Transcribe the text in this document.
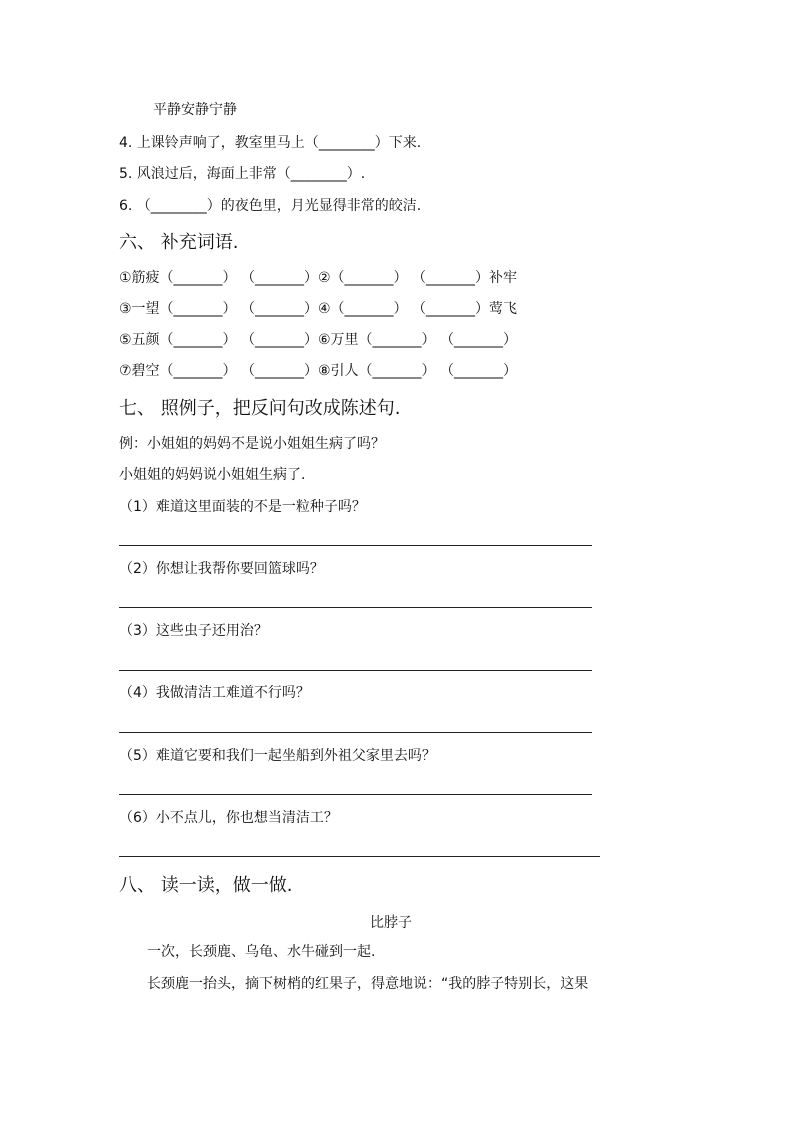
平静安静宁静
4. 上课铃声响了，教室里马上（________）下来.
5. 风浪过后，海面上非常（________）.
6. （________）的夜色里，月光显得非常的皎洁.
六、 补充词语.
①筋疲（_______） （_______）②（_______） （_______）补牢
③一望（_______） （_______）④（_______） （_______）莺飞
⑤五颜（_______） （_______）⑥万里（_______） （_______）
⑦碧空（_______） （_______）⑧引人（_______） （_______）
七、 照例子，把反问句改成陈述句.
例：小姐姐的妈妈不是说小姐姐生病了吗？
小姐姐的妈妈说小姐姐生病了.
（1）难道这里面装的不是一粒种子吗？
（2）你想让我帮你要回篮球吗？
（3）这些虫子还用治？
（4）我做清洁工难道不行吗？
（5）难道它要和我们一起坐船到外祖父家里去吗？
（6）小不点儿，你也想当清洁工？
八、 读一读，做一做.
比脖子
一次，长颈鹿、乌龟、水牛碰到一起.
长颈鹿一抬头，摘下树梢的红果子，得意地说：“我的脖子特别长，这果
